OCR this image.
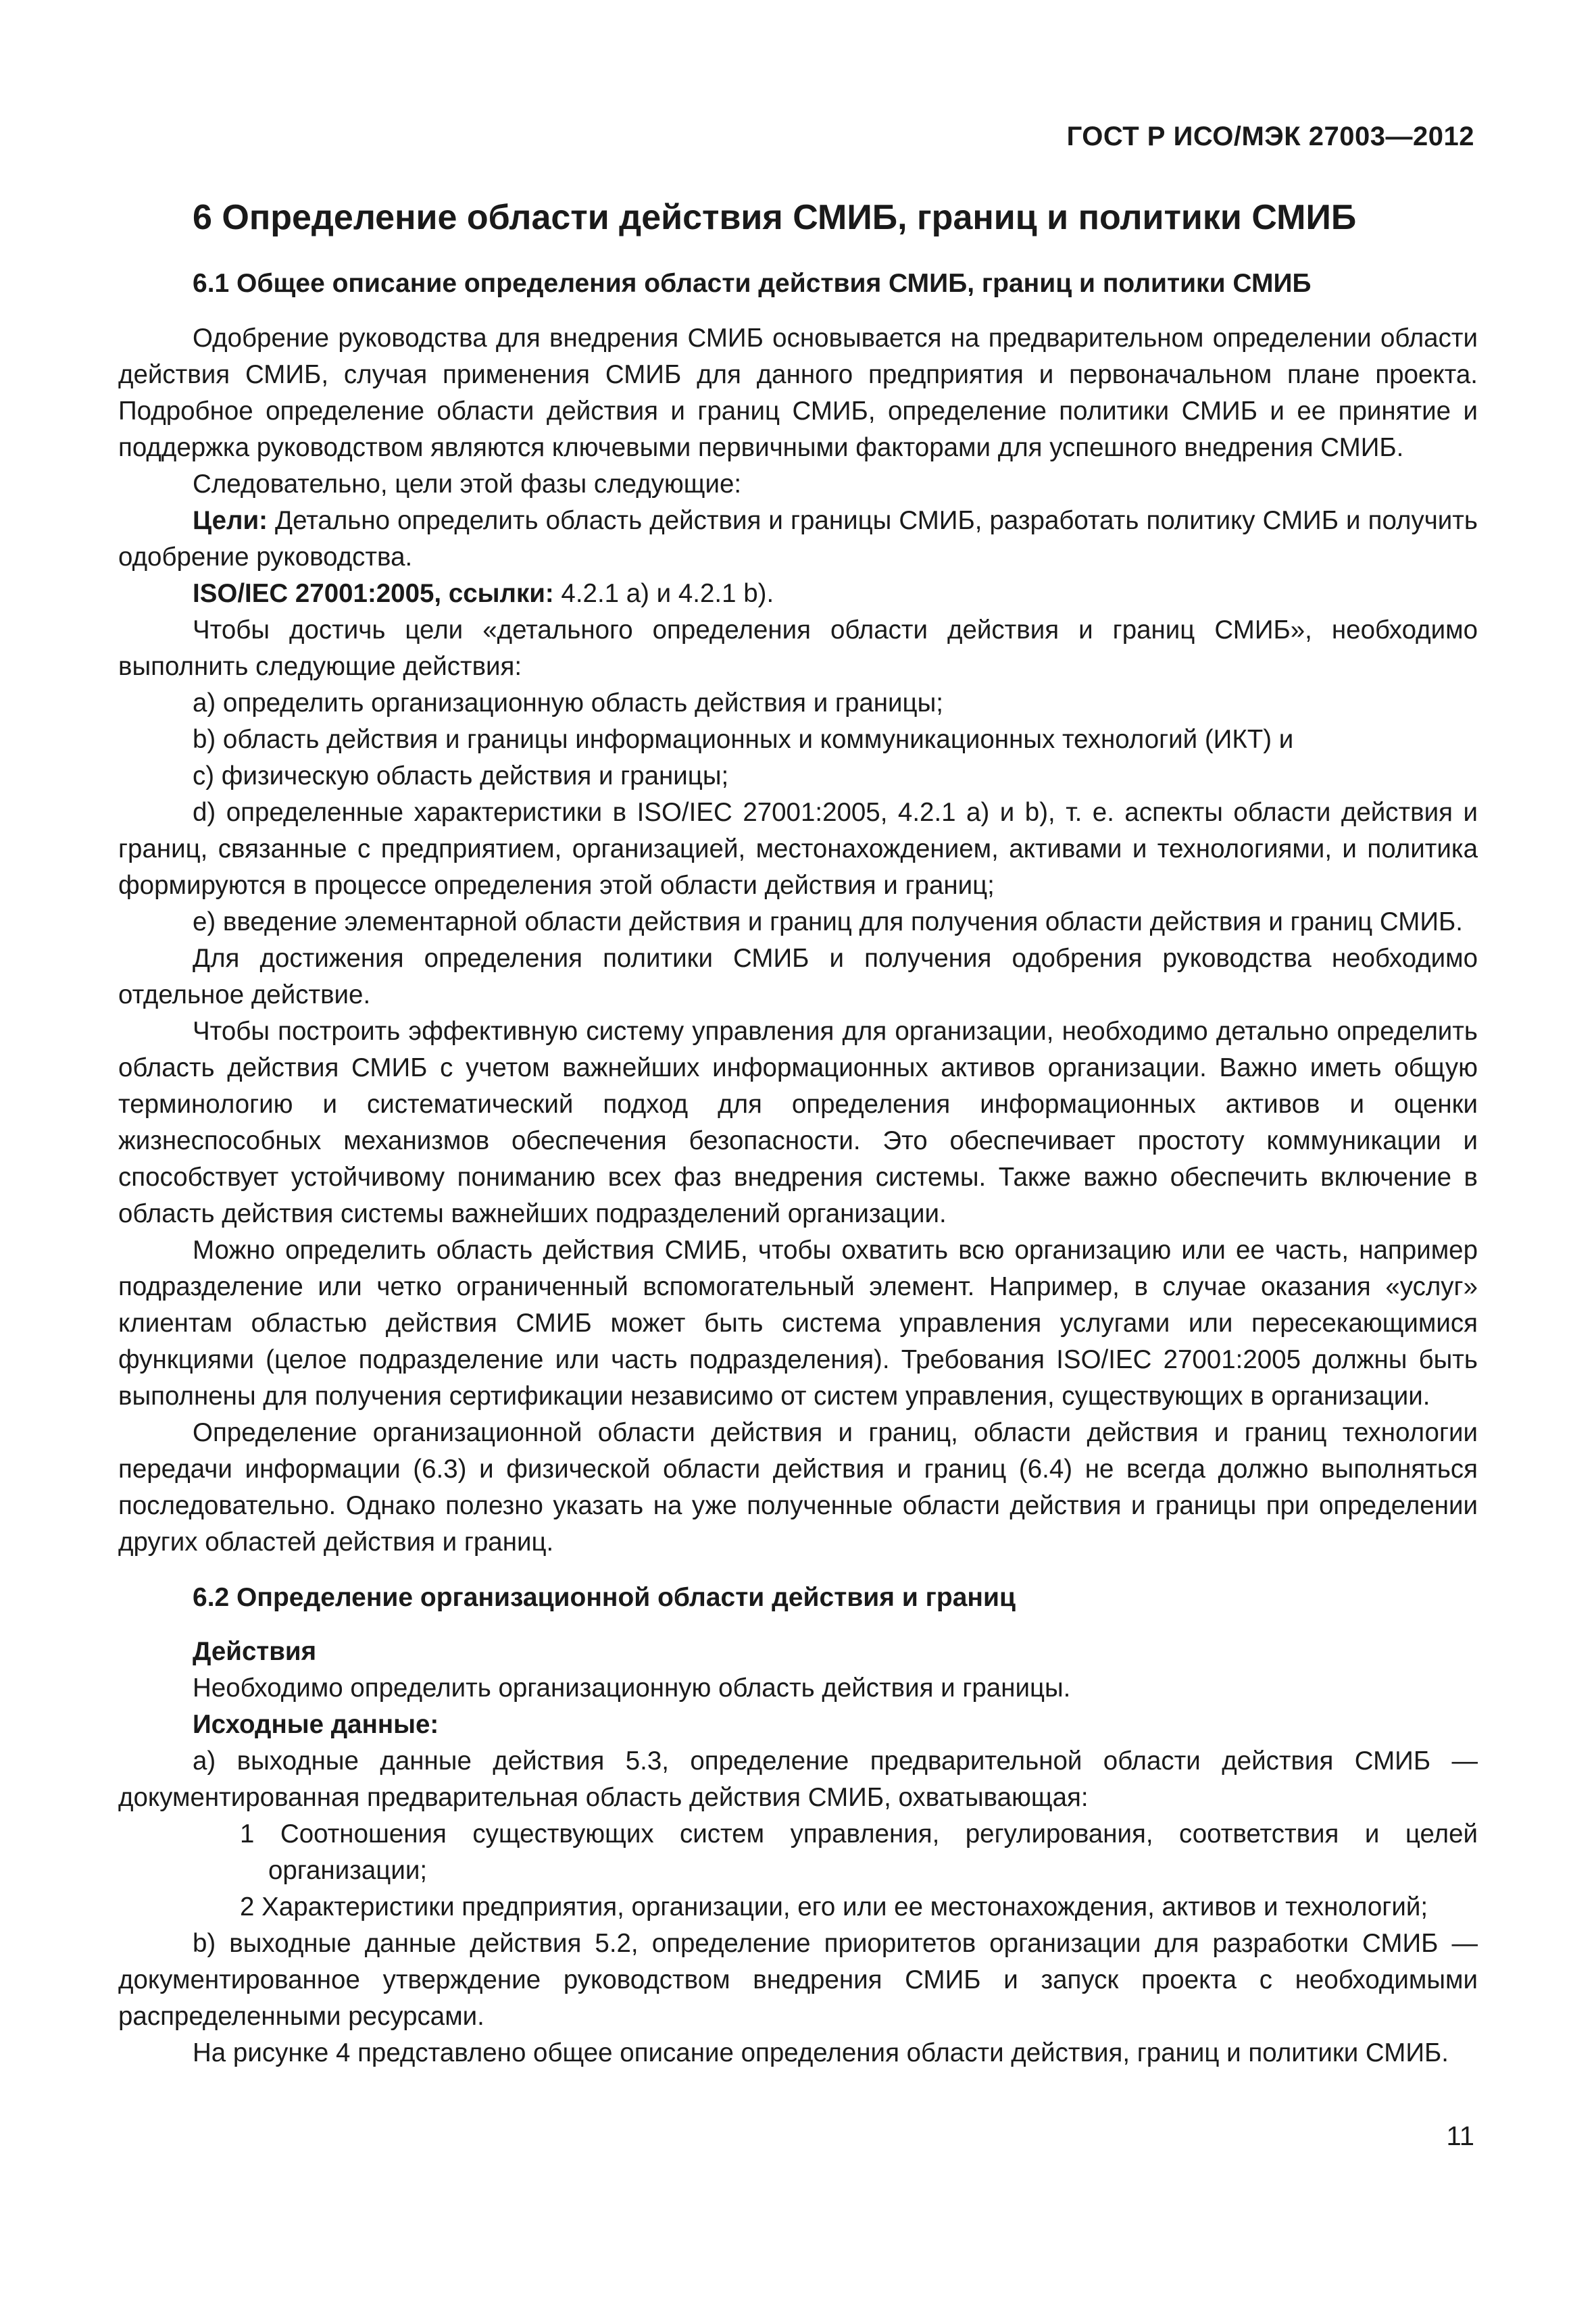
ГОСТ Р ИСО/МЭК 27003—2012
6 Определение области действия СМИБ, границ и политики СМИБ
6.1 Общее описание определения области действия СМИБ, границ и политики СМИБ

Одобрение руководства для внедрения СМИБ основывается на предварительном определении области действия СМИБ, случая применения СМИБ для данного предприятия и первоначальном плане проекта. Подробное определение области действия и границ СМИБ, определение политики СМИБ и ее принятие и поддержка руководством являются ключевыми первичными факторами для успешного внедрения СМИБ.

Следовательно, цели этой фазы следующие:

Цели: Детально определить область действия и границы СМИБ, разработать политику СМИБ и получить одобрение руководства.

ISO/IEC 27001:2005, ссылки: 4.2.1 a) и 4.2.1 b).

Чтобы достичь цели «детального определения области действия и границ СМИБ», необходимо выполнить следующие действия:

а) определить организационную область действия и границы;

b) область действия и границы информационных и коммуникационных технологий (ИКТ) и

с) физическую область действия и границы;

d) определенные характеристики в ISO/IEC 27001:2005, 4.2.1 a) и b), т. е. аспекты области действия и границ, связанные с предприятием, организацией, местонахождением, активами и технологиями, и политика формируются в процессе определения этой области действия и границ;

е) введение элементарной области действия и границ для получения области действия и границ СМИБ.

Для достижения определения политики СМИБ и получения одобрения руководства необходимо отдельное действие.

Чтобы построить эффективную систему управления для организации, необходимо детально определить область действия СМИБ с учетом важнейших информационных активов организации. Важно иметь общую терминологию и систематический подход для определения информационных активов и оценки жизнеспособных механизмов обеспечения безопасности. Это обеспечивает простоту коммуникации и способствует устойчивому пониманию всех фаз внедрения системы. Также важно обеспечить включение в область действия системы важнейших подразделений организации.

Можно определить область действия СМИБ, чтобы охватить всю организацию или ее часть, например подразделение или четко ограниченный вспомогательный элемент. Например, в случае оказания «услуг» клиентам областью действия СМИБ может быть система управления услугами или пересекающимися функциями (целое подразделение или часть подразделения). Требования ISO/IEC 27001:2005 должны быть выполнены для получения сертификации независимо от систем управления, существующих в организации.

Определение организационной области действия и границ, области действия и границ технологии передачи информации (6.3) и физической области действия и границ (6.4) не всегда должно выполняться последовательно. Однако полезно указать на уже полученные области действия и границы при определении других областей действия и границ.

6.2 Определение организационной области действия и границ

Действия

Необходимо определить организационную область действия и границы.

Исходные данные:

а) выходные данные действия 5.3, определение предварительной области действия СМИБ — документированная предварительная область действия СМИБ, охватывающая:

1 Соотношения существующих систем управления, регулирования, соответствия и целей организации;

2 Характеристики предприятия, организации, его или ее местонахождения, активов и технологий;

b) выходные данные действия 5.2, определение приоритетов организации для разработки СМИБ — документированное утверждение руководством внедрения СМИБ и запуск проекта с необходимыми распределенными ресурсами.

На рисунке 4 представлено общее описание определения области действия, границ и политики СМИБ.

11
